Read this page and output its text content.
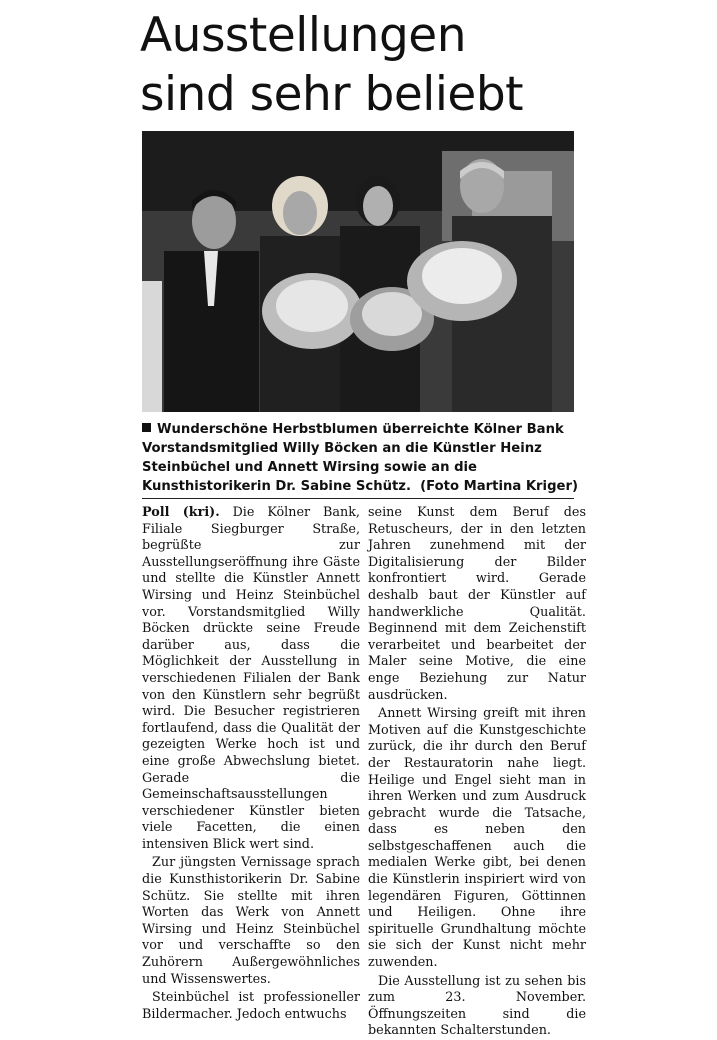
Ausstellungen
sind sehr beliebt
Wunderschöne Herbstblumen überreichte Kölner Bank Vorstandsmitglied Willy Böcken an die Künstler Heinz Steinbüchel und Annett Wirsing sowie an die Kunsthistorikerin Dr. Sabine Schütz. (Foto Martina Kriger)

Poll (kri). Die Kölner Bank, Filiale Siegburger Straße, begrüßte zur Ausstellungseröffnung ihre Gäste und stellte die Künstler Annett Wirsing und Heinz Steinbüchel vor. Vorstandsmitglied Willy Böcken drückte seine Freude darüber aus, dass die Möglichkeit der Ausstellung in verschiedenen Filialen der Bank von den Künstlern sehr begrüßt wird. Die Besucher registrieren fortlaufend, dass die Qualität der gezeigten Werke hoch ist und eine große Abwechslung bietet. Gerade die Gemeinschaftsausstellungen verschiedener Künstler bieten viele Facetten, die einen intensiven Blick wert sind.

Zur jüngsten Vernissage sprach die Kunsthistorikerin Dr. Sabine Schütz. Sie stellte mit ihren Worten das Werk von Annett Wirsing und Heinz Steinbüchel vor und verschaffte so den Zuhörern Außergewöhnliches und Wissenswertes.

Steinbüchel ist professioneller Bildermacher. Jedoch entwuchs

seine Kunst dem Beruf des Retuscheurs, der in den letzten Jahren zunehmend mit der Digitalisierung der Bilder konfrontiert wird. Gerade deshalb baut der Künstler auf handwerkliche Qualität. Beginnend mit dem Zeichenstift verarbeitet und bearbeitet der Maler seine Motive, die eine enge Beziehung zur Natur ausdrücken.

Annett Wirsing greift mit ihren Motiven auf die Kunstgeschichte zurück, die ihr durch den Beruf der Restauratorin nahe liegt. Heilige und Engel sieht man in ihren Werken und zum Ausdruck gebracht wurde die Tatsache, dass es neben den selbstgeschaffenen auch die medialen Werke gibt, bei denen die Künstlerin inspiriert wird von legendären Figuren, Göttinnen und Heiligen. Ohne ihre spirituelle Grundhaltung möchte sie sich der Kunst nicht mehr zuwenden.

Die Ausstellung ist zu sehen bis zum 23. November. Öffnungszeiten sind die bekannten Schalterstunden.
